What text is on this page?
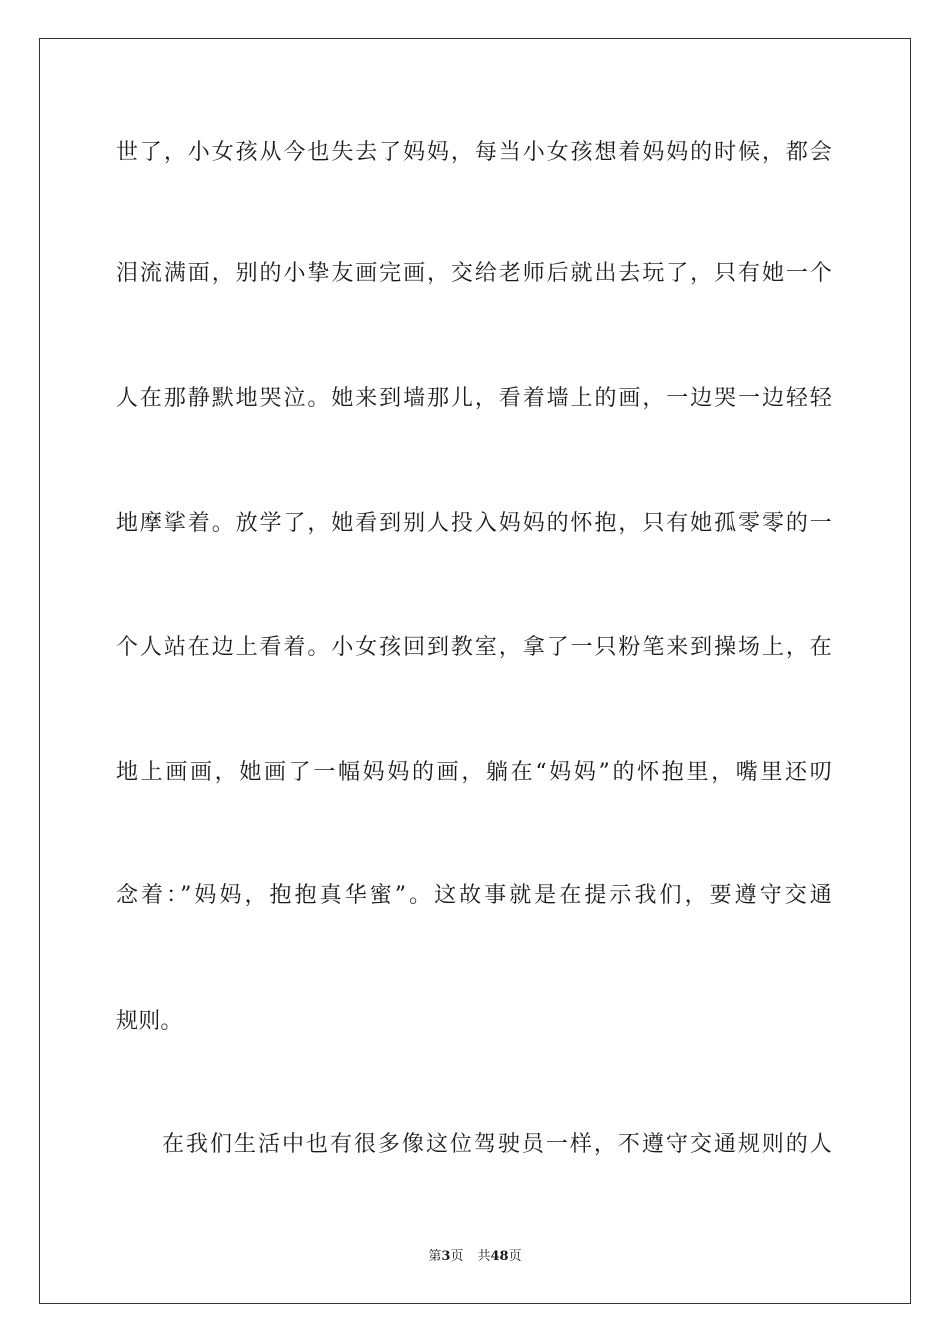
世了，小女孩从今也失去了妈妈，每当小女孩想着妈妈的时候，都会
泪流满面，别的小挚友画完画，交给老师后就出去玩了，只有她一个
人在那静默地哭泣。她来到墙那儿，看着墙上的画，一边哭一边轻轻
地摩挲着。放学了，她看到别人投入妈妈的怀抱，只有她孤零零的一
个人站在边上看着。小女孩回到教室，拿了一只粉笔来到操场上，在
地上画画，她画了一幅妈妈的画，躺在“妈妈”的怀抱里，嘴里还叨
念着：”妈妈，抱抱真华蜜”。这故事就是在提示我们，要遵守交通
规则。
在我们生活中也有很多像这位驾驶员一样，不遵守交通规则的人
第3页 共48页
